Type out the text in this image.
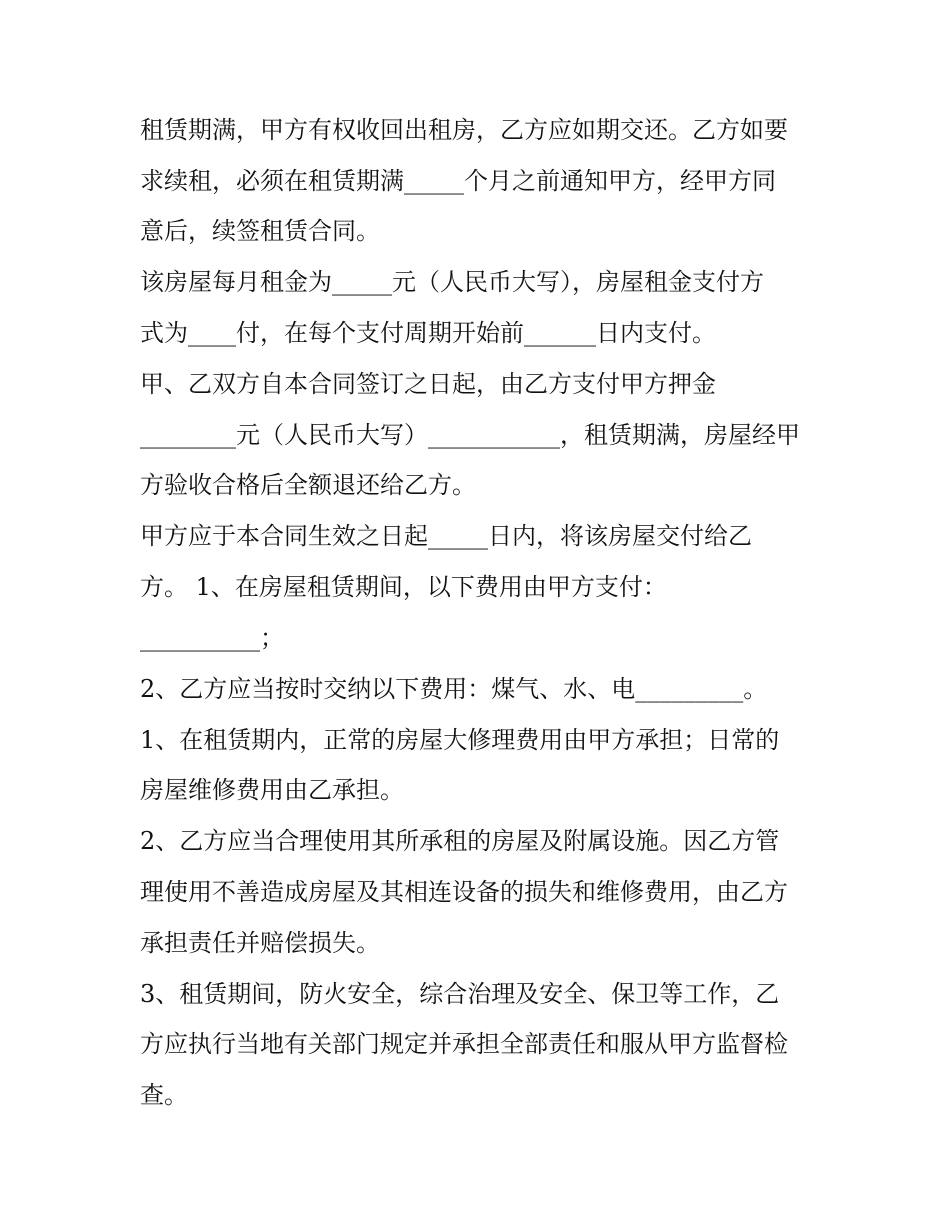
租赁期满，甲方有权收回出租房，乙方应如期交还。乙方如要
求续租，必须在租赁期满_____个月之前通知甲方，经甲方同
意后，续签租赁合同。
该房屋每月租金为_____元（人民币大写），房屋租金支付方
式为____付，在每个支付周期开始前______日内支付。
甲、乙双方自本合同签订之日起，由乙方支付甲方押金
________元（人民币大写）___________，租赁期满，房屋经甲
方验收合格后全额退还给乙方。
甲方应于本合同生效之日起_____日内，将该房屋交付给乙
方。 1、在房屋租赁期间，以下费用由甲方支付：
__________；
2、乙方应当按时交纳以下费用：煤气、水、电_________。
1、在租赁期内，正常的房屋大修理费用由甲方承担；日常的
房屋维修费用由乙承担。
2、乙方应当合理使用其所承租的房屋及附属设施。因乙方管
理使用不善造成房屋及其相连设备的损失和维修费用，由乙方
承担责任并赔偿损失。
3、租赁期间，防火安全，综合治理及安全、保卫等工作，乙
方应执行当地有关部门规定并承担全部责任和服从甲方监督检
查。
